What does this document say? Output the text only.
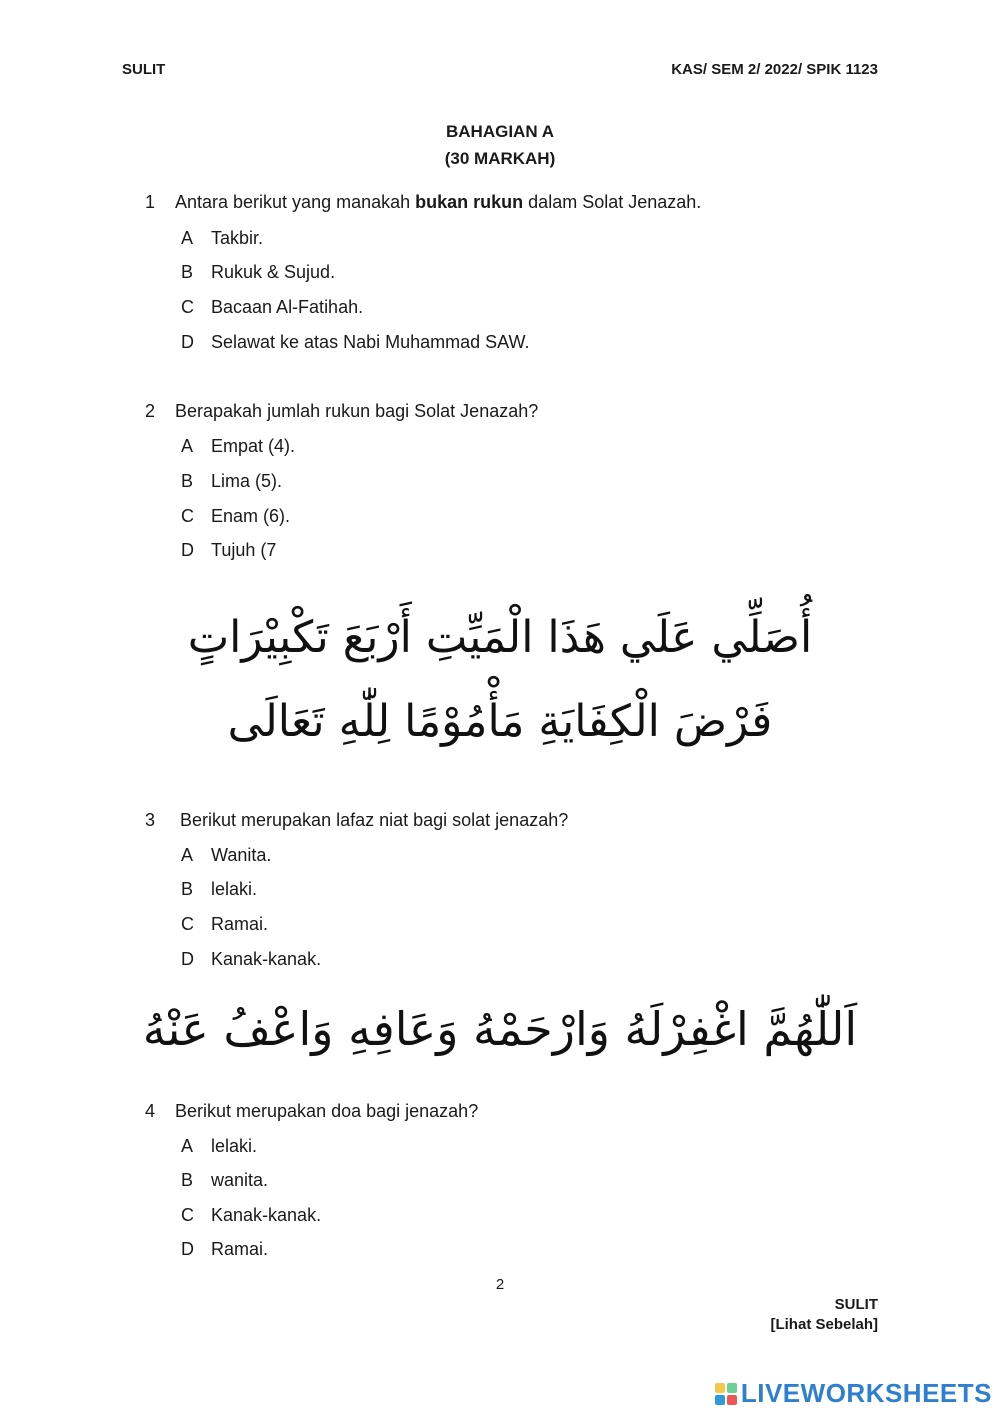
SULIT	KAS/ SEM 2/ 2022/ SPIK 1123
BAHAGIAN A
(30 MARKAH)
1 Antara berikut yang manakah bukan rukun dalam Solat Jenazah.
A Takbir.
B Rukuk & Sujud.
C Bacaan Al-Fatihah.
D Selawat ke atas Nabi Muhammad SAW.
2 Berapakah jumlah rukun bagi Solat Jenazah?
A Empat (4).
B Lima (5).
C Enam (6).
D Tujuh (7
أُصَلِّي عَلَي هَذَا الْمَيِّتِ أَرْبَعَ تَكْبِيْرَاتٍ
فَرْضَ الْكِفَايَةِ مَأْمُوْمًا لِلّٰهِ تَعَالَى
3 Berikut merupakan lafaz niat bagi solat jenazah?
A Wanita.
B lelaki.
C Ramai.
D Kanak-kanak.
اَللّٰهُمَّ اغْفِرْلَهُ وَارْحَمْهُ وَعَافِهِ وَاعْفُ عَنْهُ
4 Berikut merupakan doa bagi jenazah?
A lelaki.
B wanita.
C Kanak-kanak.
D Ramai.
2
SULIT
[Lihat Sebelah]
LIVEWORKSHEETS
